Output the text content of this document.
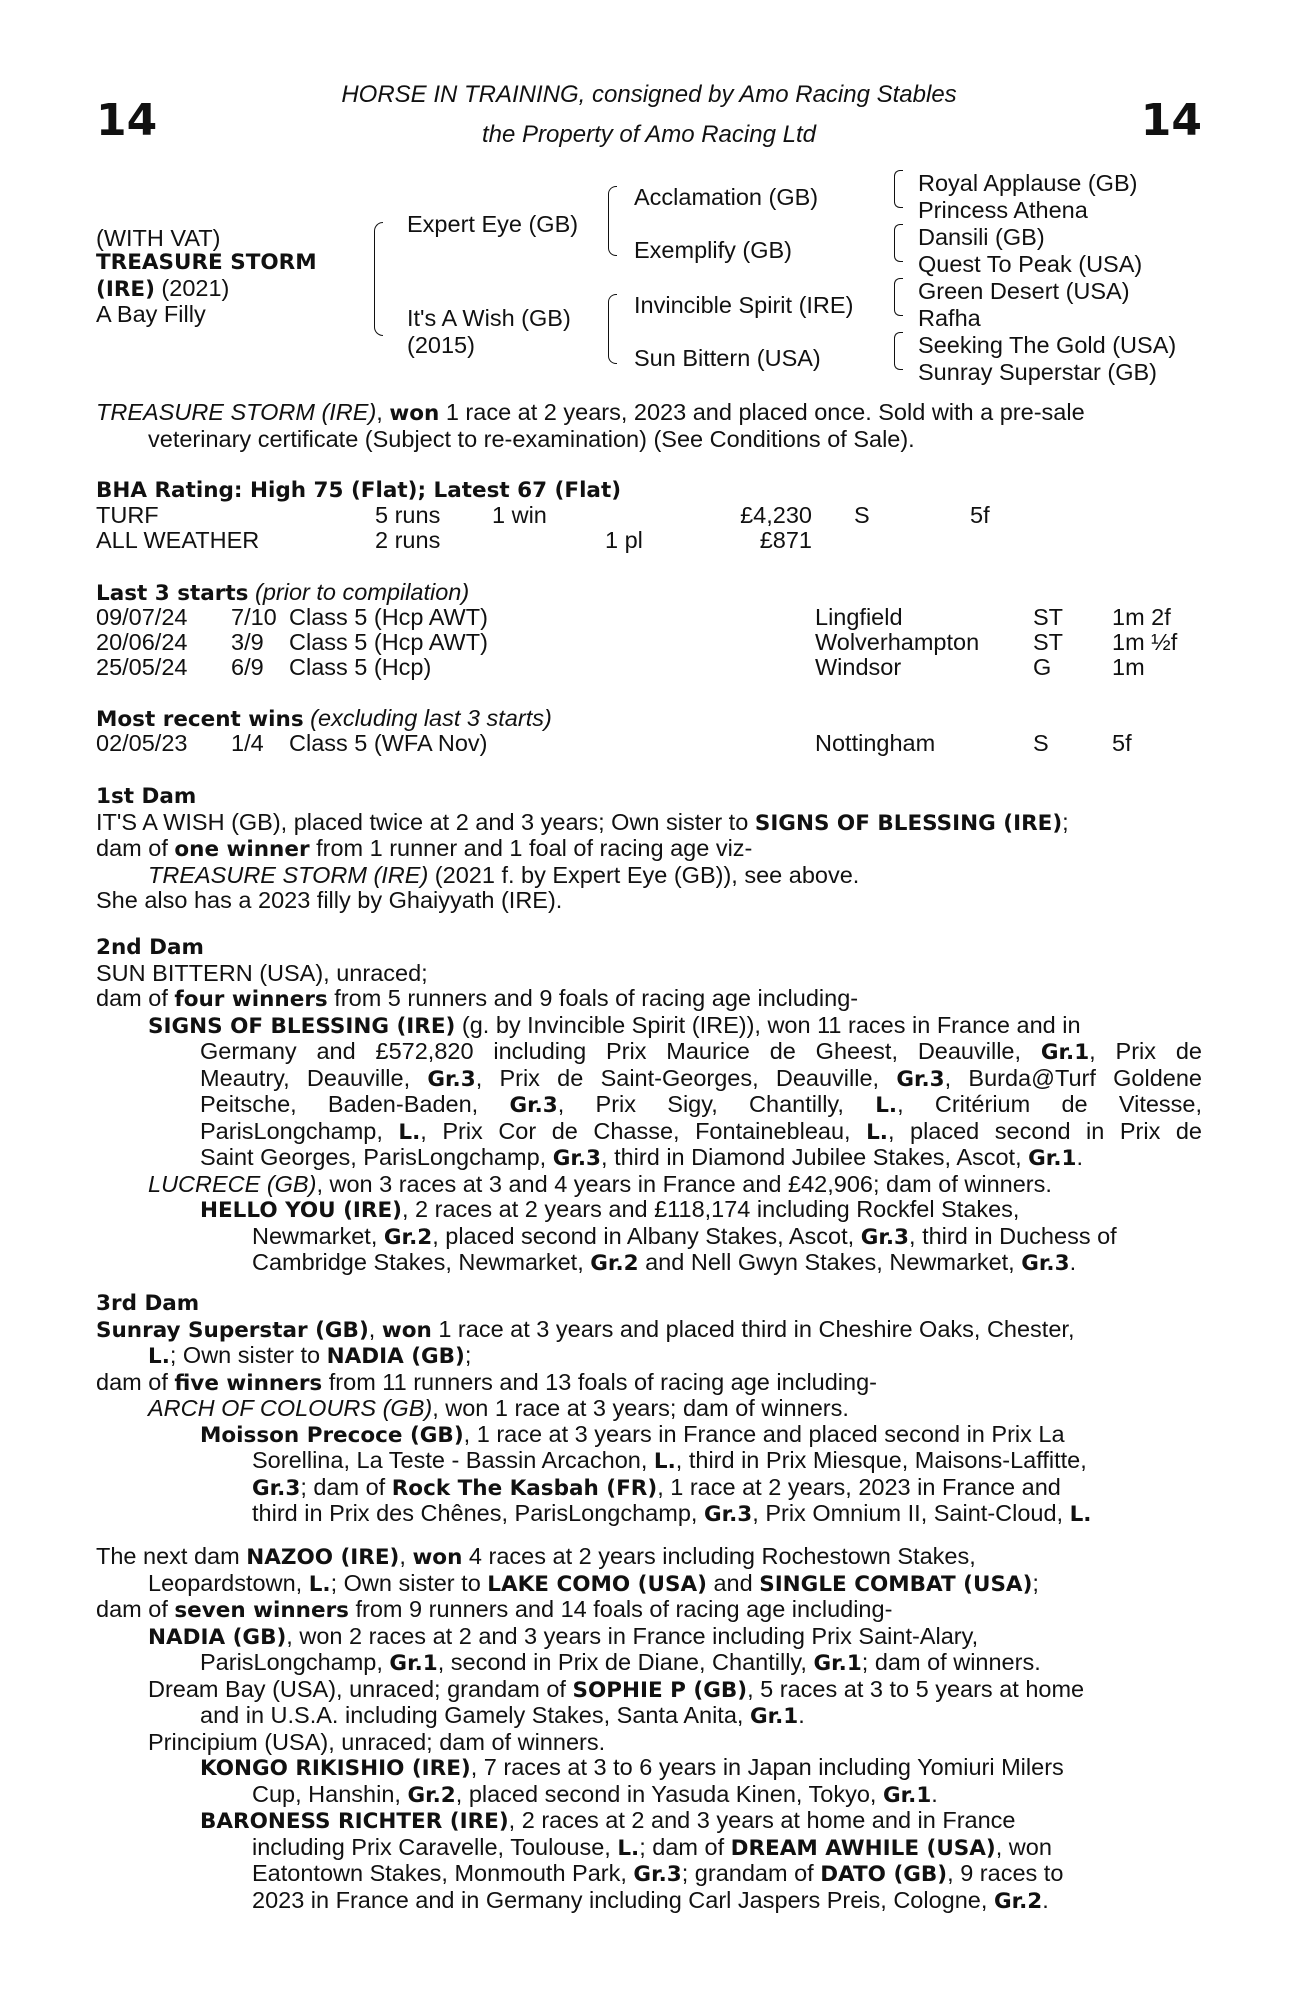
14	14
HORSE IN TRAINING, consigned by Amo Racing Stables
the Property of Amo Racing Ltd
(WITH VAT)
TREASURE STORM
(IRE) (2021)
A Bay Filly
Expert Eye (GB)
It's A Wish (GB)
(2015)
Acclamation (GB)
Exemplify (GB)
Invincible Spirit (IRE)
Sun Bittern (USA)
Royal Applause (GB)
Princess Athena
Dansili (GB)
Quest To Peak (USA)
Green Desert (USA)
Rafha
Seeking The Gold (USA)
Sunray Superstar (GB)
TREASURE STORM (IRE), won 1 race at 2 years, 2023 and placed once. Sold with a pre-sale
veterinary certificate (Subject to re-examination) (See Conditions of Sale).
BHA Rating: High 75 (Flat); Latest 67 (Flat)
TURF	5 runs 1 win	£4,230 S	5f
ALL WEATHER	2 runs	1 pl	£871
Last 3 starts (prior to compilation)
09/07/24 7/10 Class 5 (Hcp AWT)	Lingfield	ST 1m 2f
20/06/24 3/9 Class 5 (Hcp AWT)	Wolverhampton ST 1m ½f
25/05/24 6/9 Class 5 (Hcp)	Windsor	G	1m
Most recent wins (excluding last 3 starts)
02/05/23 1/4 Class 5 (WFA Nov)	Nottingham	S	5f
1st Dam
IT'S A WISH (GB), placed twice at 2 and 3 years; Own sister to SIGNS OF BLESSING (IRE);
dam of one winner from 1 runner and 1 foal of racing age viz-
TREASURE STORM (IRE) (2021 f. by Expert Eye (GB)), see above.
She also has a 2023 filly by Ghaiyyath (IRE).
2nd Dam
SUN BITTERN (USA), unraced;
dam of four winners from 5 runners and 9 foals of racing age including-
SIGNS OF BLESSING (IRE) (g. by Invincible Spirit (IRE)), won 11 races in France and in
Germany and £572,820 including Prix Maurice de Gheest, Deauville, Gr.1, Prix de
Meautry, Deauville, Gr.3, Prix de Saint-Georges, Deauville, Gr.3, Burda@Turf Goldene
Peitsche, Baden-Baden, Gr.3, Prix Sigy, Chantilly, L., Critérium de Vitesse,
ParisLongchamp, L., Prix Cor de Chasse, Fontainebleau, L., placed second in Prix de
Saint Georges, ParisLongchamp, Gr.3, third in Diamond Jubilee Stakes, Ascot, Gr.1.
LUCRECE (GB), won 3 races at 3 and 4 years in France and £42,906; dam of winners.
HELLO YOU (IRE), 2 races at 2 years and £118,174 including Rockfel Stakes,
Newmarket, Gr.2, placed second in Albany Stakes, Ascot, Gr.3, third in Duchess of
Cambridge Stakes, Newmarket, Gr.2 and Nell Gwyn Stakes, Newmarket, Gr.3.
3rd Dam
Sunray Superstar (GB), won 1 race at 3 years and placed third in Cheshire Oaks, Chester,
L.; Own sister to NADIA (GB);
dam of five winners from 11 runners and 13 foals of racing age including-
ARCH OF COLOURS (GB), won 1 race at 3 years; dam of winners.
Moisson Precoce (GB), 1 race at 3 years in France and placed second in Prix La
Sorellina, La Teste - Bassin Arcachon, L., third in Prix Miesque, Maisons-Laffitte,
Gr.3; dam of Rock The Kasbah (FR), 1 race at 2 years, 2023 in France and
third in Prix des Chênes, ParisLongchamp, Gr.3, Prix Omnium II, Saint-Cloud, L.
The next dam NAZOO (IRE), won 4 races at 2 years including Rochestown Stakes,
Leopardstown, L.; Own sister to LAKE COMO (USA) and SINGLE COMBAT (USA);
dam of seven winners from 9 runners and 14 foals of racing age including-
NADIA (GB), won 2 races at 2 and 3 years in France including Prix Saint-Alary,
ParisLongchamp, Gr.1, second in Prix de Diane, Chantilly, Gr.1; dam of winners.
Dream Bay (USA), unraced; grandam of SOPHIE P (GB), 5 races at 3 to 5 years at home
and in U.S.A. including Gamely Stakes, Santa Anita, Gr.1.
Principium (USA), unraced; dam of winners.
KONGO RIKISHIO (IRE), 7 races at 3 to 6 years in Japan including Yomiuri Milers
Cup, Hanshin, Gr.2, placed second in Yasuda Kinen, Tokyo, Gr.1.
BARONESS RICHTER (IRE), 2 races at 2 and 3 years at home and in France
including Prix Caravelle, Toulouse, L.; dam of DREAM AWHILE (USA), won
Eatontown Stakes, Monmouth Park, Gr.3; grandam of DATO (GB), 9 races to
2023 in France and in Germany including Carl Jaspers Preis, Cologne, Gr.2.
